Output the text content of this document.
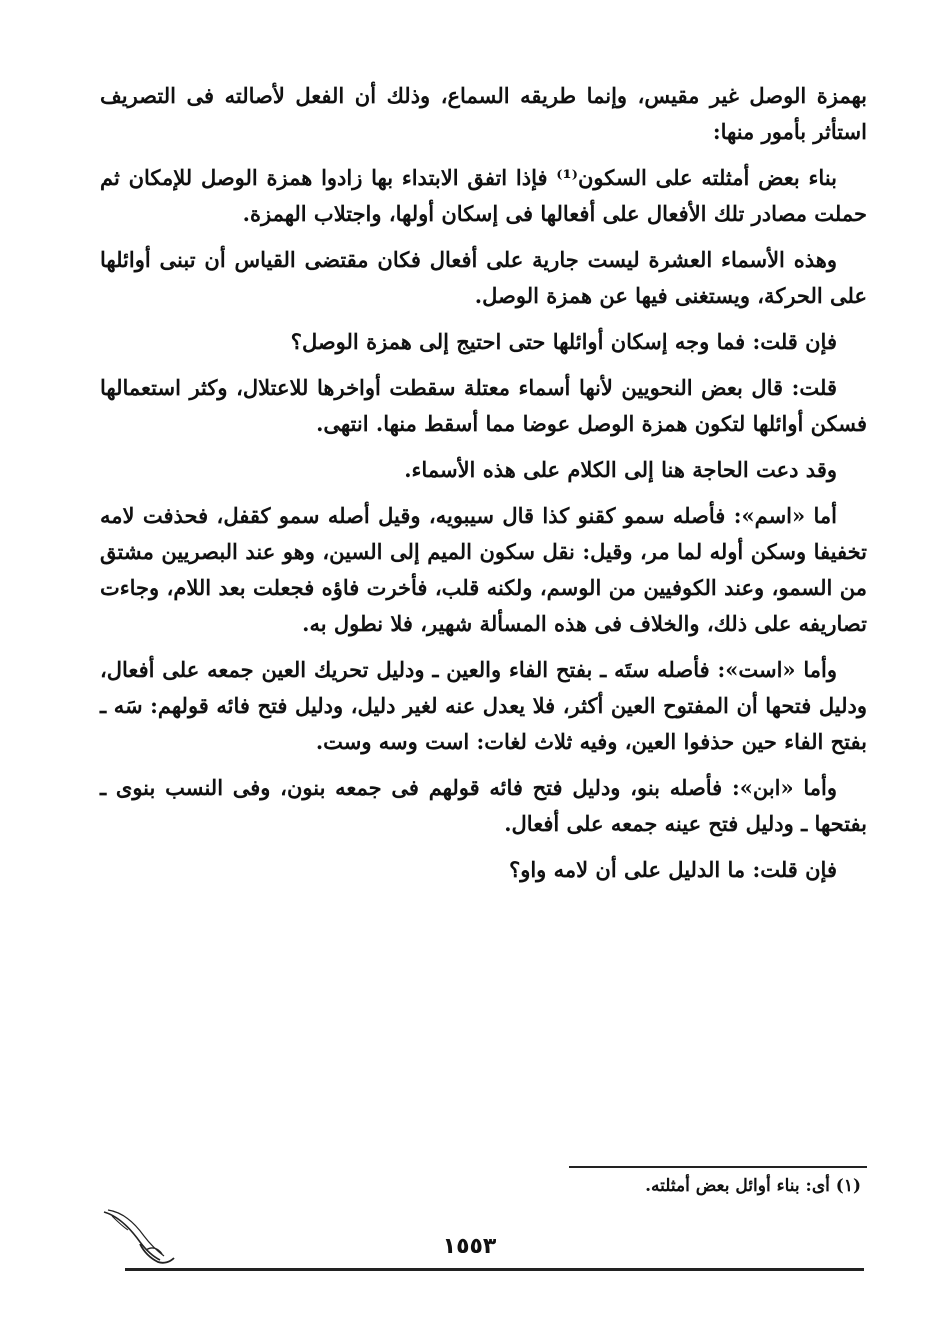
بهمزة الوصل غير مقيس، وإنما طريقه السماع، وذلك أن الفعل لأصالته فى التصريف استأثر بأمور منها:

بناء بعض أمثلته على السكون⁽¹⁾ فإذا اتفق الابتداء بها زادوا همزة الوصل للإمكان ثم حملت مصادر تلك الأفعال على أفعالها فى إسكان أولها، واجتلاب الهمزة.

وهذه الأسماء العشرة ليست جارية على أفعال فكان مقتضى القياس أن تبنى أوائلها على الحركة، ويستغنى فيها عن همزة الوصل.

فإن قلت: فما وجه إسكان أوائلها حتى احتيج إلى همزة الوصل؟

قلت: قال بعض النحويين لأنها أسماء معتلة سقطت أواخرها للاعتلال، وكثر استعمالها فسكن أوائلها لتكون همزة الوصل عوضا مما أسقط منها. انتهى.

وقد دعت الحاجة هنا إلى الكلام على هذه الأسماء.

أما «اسم»: فأصله سمو كقنو كذا قال سيبويه، وقيل أصله سمو كقفل، فحذفت لامه تخفيفا وسكن أوله لما مر، وقيل: نقل سكون الميم إلى السين، وهو عند البصريين مشتق من السمو، وعند الكوفيين من الوسم، ولكنه قلب، فأخرت فاؤه فجعلت بعد اللام، وجاءت تصاريفه على ذلك، والخلاف فى هذه المسألة شهير، فلا نطول به.

وأما «است»: فأصله ستَه ـ بفتح الفاء والعين ـ ودليل تحريك العين جمعه على أفعال، ودليل فتحها أن المفتوح العين أكثر، فلا يعدل عنه لغير دليل، ودليل فتح فائه قولهم: سَه ـ بفتح الفاء حين حذفوا العين، وفيه ثلاث لغات: است وسه وست.

وأما «ابن»: فأصله بنو، ودليل فتح فائه قولهم فى جمعه بنون، وفى النسب بنوى ـ بفتحها ـ ودليل فتح عينه جمعه على أفعال.

فإن قلت: ما الدليل على أن لامه واو؟

(١) أى: بناء أوائل بعض أمثلته.
١٥٥٣
